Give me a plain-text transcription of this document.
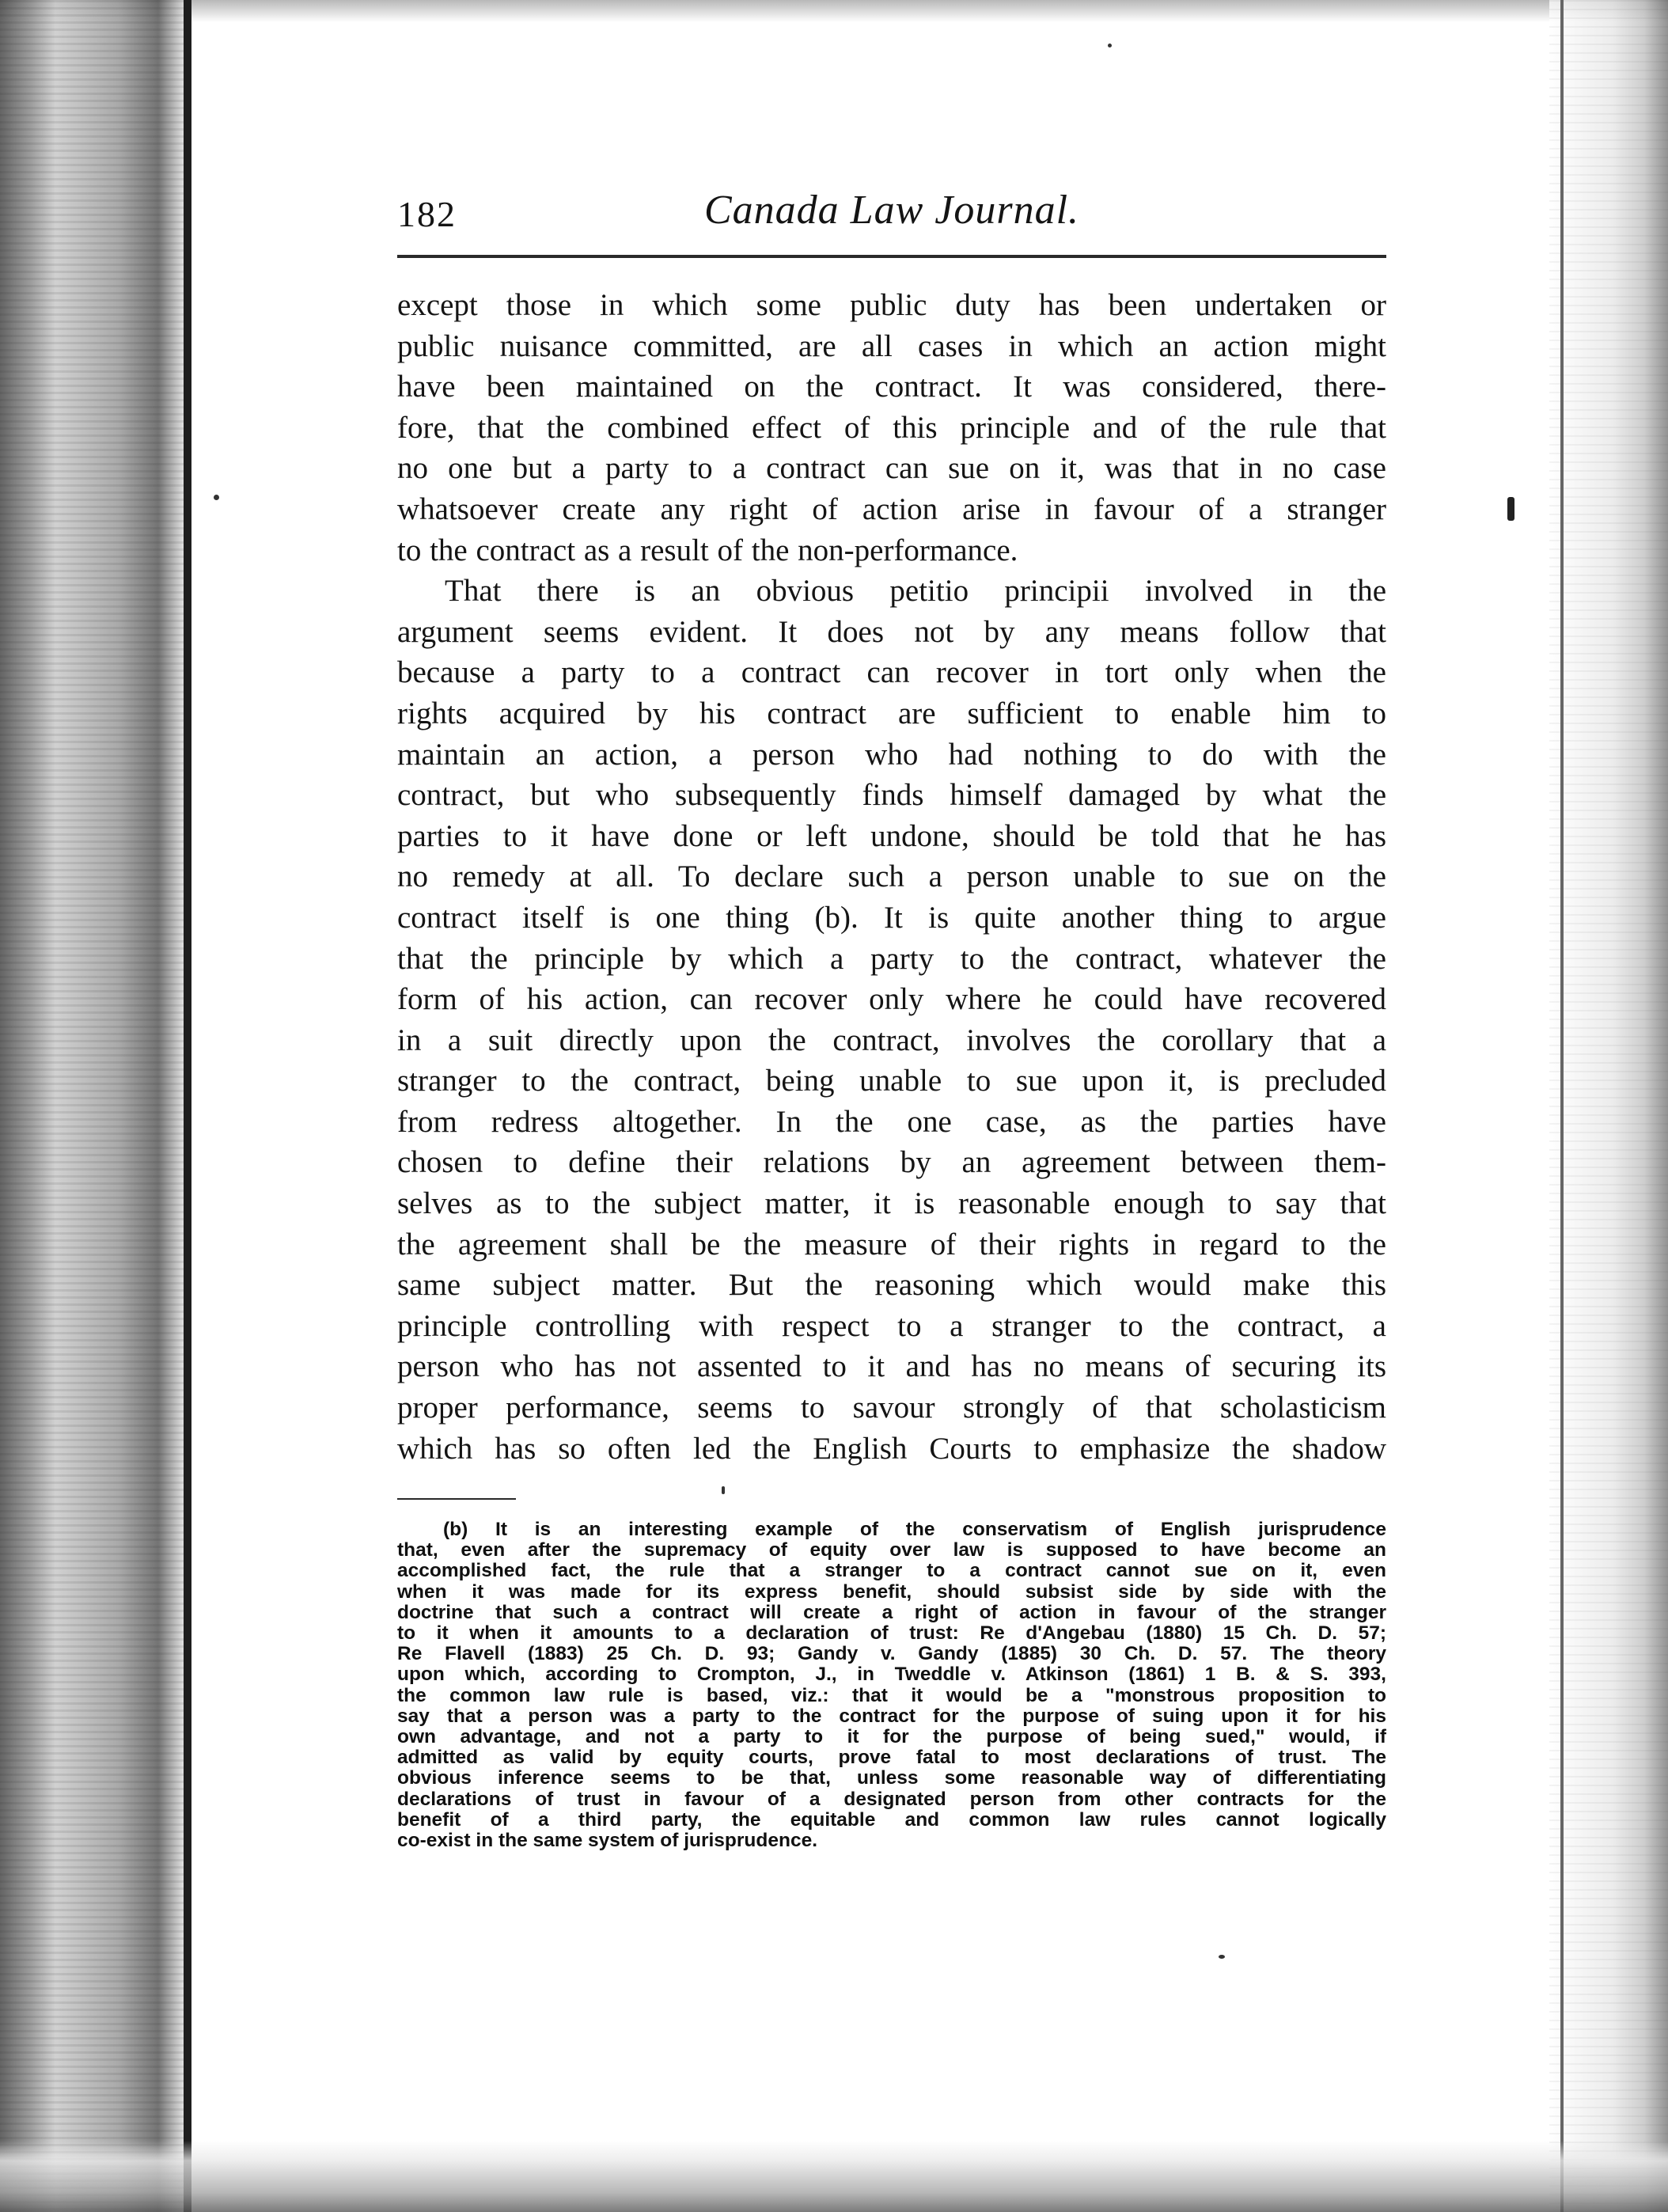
182	Canada Law Journal.
except those in which some public duty has been undertaken or
public nuisance committed, are all cases in which an action might
have been maintained on the contract. It was considered, there-
fore, that the combined effect of this principle and of the rule that
no one but a party to a contract can sue on it, was that in no case
whatsoever create any right of action arise in favour of a stranger
to the contract as a result of the non-performance.
That there is an obvious petitio principii involved in the
argument seems evident. It does not by any means follow that
because a party to a contract can recover in tort only when the
rights acquired by his contract are sufficient to enable him to
maintain an action, a person who had nothing to do with the
contract, but who subsequently finds himself damaged by what the
parties to it have done or left undone, should be told that he has
no remedy at all. To declare such a person unable to sue on the
contract itself is one thing (b). It is quite another thing to argue
that the principle by which a party to the contract, whatever the
form of his action, can recover only where he could have recovered
in a suit directly upon the contract, involves the corollary that a
stranger to the contract, being unable to sue upon it, is precluded
from redress altogether. In the one case, as the parties have
chosen to define their relations by an agreement between them-
selves as to the subject matter, it is reasonable enough to say that
the agreement shall be the measure of their rights in regard to the
same subject matter. But the reasoning which would make this
principle controlling with respect to a stranger to the contract, a
person who has not assented to it and has no means of securing its
proper performance, seems to savour strongly of that scholasticism
which has so often led the English Courts to emphasize the shadow
(b) It is an interesting example of the conservatism of English jurisprudence
that, even after the supremacy of equity over law is supposed to have become an
accomplished fact, the rule that a stranger to a contract cannot sue on it, even
when it was made for its express benefit, should subsist side by side with the
doctrine that such a contract will create a right of action in favour of the stranger
to it when it amounts to a declaration of trust: Re d'Angebau (1880) 15 Ch. D. 57;
Re Flavell (1883) 25 Ch. D. 93; Gandy v. Gandy (1885) 30 Ch. D. 57. The theory
upon which, according to Crompton, J., in Tweddle v. Atkinson (1861) 1 B. & S. 393,
the common law rule is based, viz.: that it would be a "monstrous proposition to
say that a person was a party to the contract for the purpose of suing upon it for his
own advantage, and not a party to it for the purpose of being sued," would, if
admitted as valid by equity courts, prove fatal to most declarations of trust. The
obvious inference seems to be that, unless some reasonable way of differentiating
declarations of trust in favour of a designated person from other contracts for the
benefit of a third party, the equitable and common law rules cannot logically
co-exist in the same system of jurisprudence.
